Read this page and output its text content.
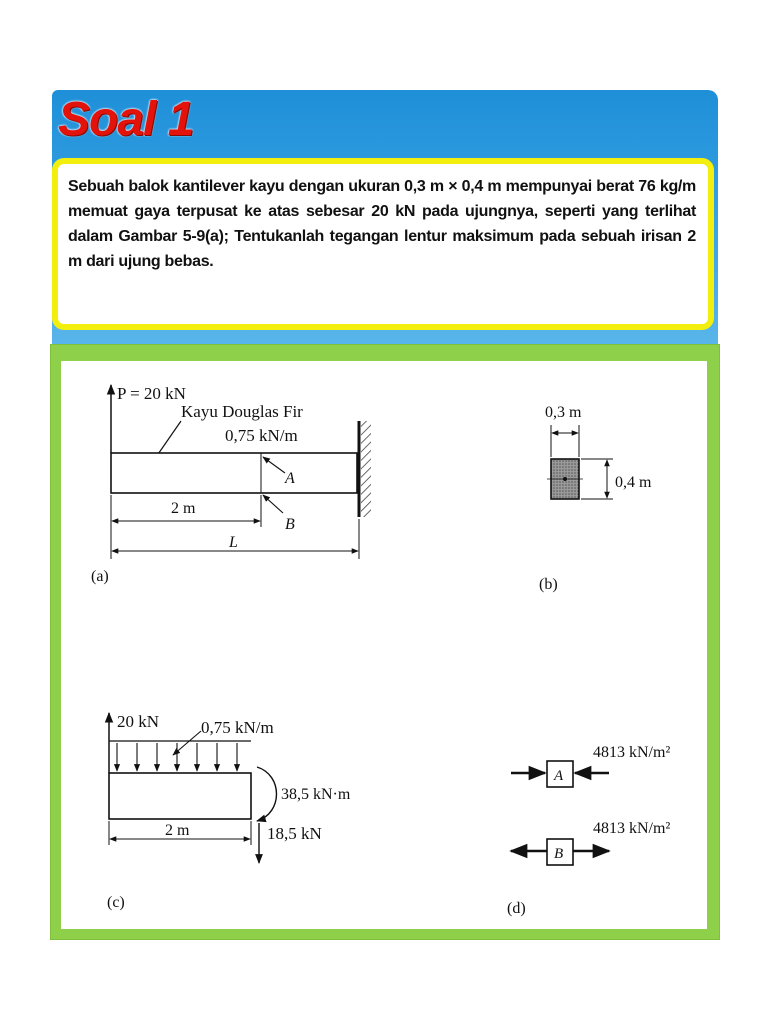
Soal 1

Sebuah balok kantilever kayu dengan ukuran 0,3 m × 0,4 m mempunyai berat 76 kg/m memuat gaya terpusat ke atas sebesar 20 kN pada ujungnya, seperti yang terlihat dalam Gambar 5-9(a); Tentukanlah tegangan lentur maksimum pada sebuah irisan 2 m dari ujung bebas.

P = 20 kN
Kayu Douglas Fir
0,75 kN/m
A
B
2 m
L
(a)
0,3 m
0,4 m
(b)
20 kN 0,75 kN/m
38,5 kN·m
18,5 kN
2 m
(c)
4813 kN/m²
A
4813 kN/m²
B
(d)
